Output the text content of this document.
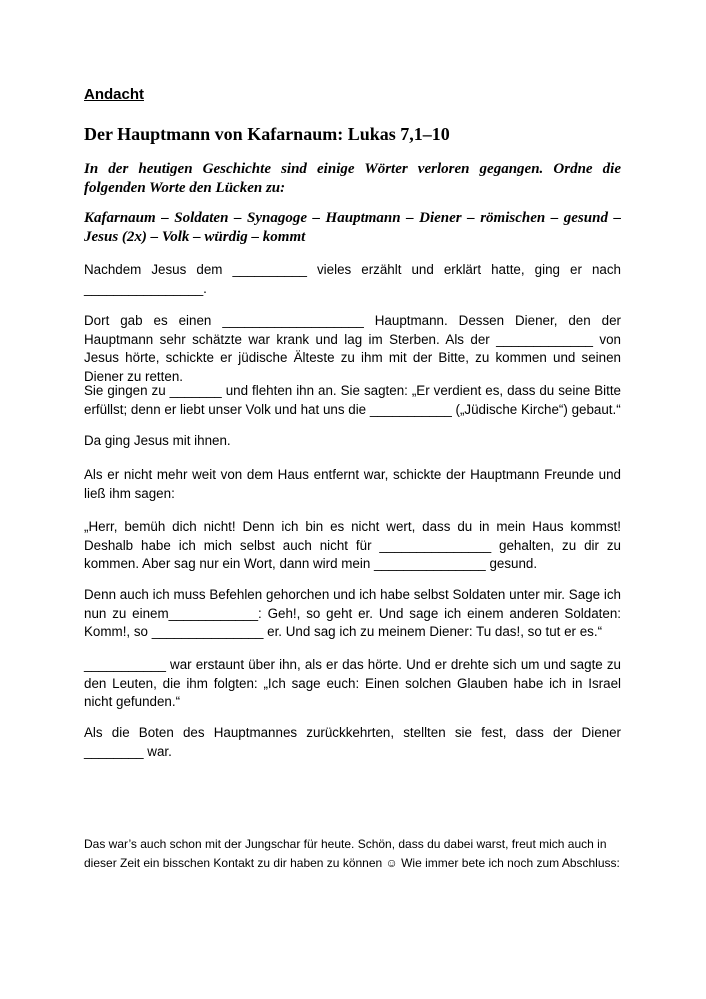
Andacht
Der Hauptmann von Kafarnaum: Lukas 7,1–10
In der heutigen Geschichte sind einige Wörter verloren gegangen. Ordne die folgenden Worte den Lücken zu:
Kafarnaum – Soldaten – Synagoge – Hauptmann – Diener – römischen – gesund – Jesus (2x) – Volk – würdig – kommt
Nachdem Jesus dem __________ vieles erzählt und erklärt hatte, ging er nach ________________.
Dort gab es einen ___________________ Hauptmann. Dessen Diener, den der Hauptmann sehr schätzte war krank und lag im Sterben. Als der _____________ von Jesus hörte, schickte er jüdische Älteste zu ihm mit der Bitte, zu kommen und seinen Diener zu retten.
Sie gingen zu _______ und flehten ihn an. Sie sagten: „Er verdient es, dass du seine Bitte erfüllst; denn er liebt unser Volk und hat uns die ___________ („Jüdische Kirche“) gebaut.“
Da ging Jesus mit ihnen.
Als er nicht mehr weit von dem Haus entfernt war, schickte der Hauptmann Freunde und ließ ihm sagen:
„Herr, bemüh dich nicht! Denn ich bin es nicht wert, dass du in mein Haus kommst! Deshalb habe ich mich selbst auch nicht für _______________ gehalten, zu dir zu kommen. Aber sag nur ein Wort, dann wird mein _______________ gesund.
Denn auch ich muss Befehlen gehorchen und ich habe selbst Soldaten unter mir. Sage ich nun zu einem____________: Geh!, so geht er. Und sage ich einem anderen Soldaten: Komm!, so _______________ er. Und sag ich zu meinem Diener: Tu das!, so tut er es.“
___________ war erstaunt über ihn, als er das hörte. Und er drehte sich um und sagte zu den Leuten, die ihm folgten: „Ich sage euch: Einen solchen Glauben habe ich in Israel nicht gefunden.“
Als die Boten des Hauptmannes zurückkehrten, stellten sie fest, dass der Diener ________ war.
Das war’s auch schon mit der Jungschar für heute. Schön, dass du dabei warst, freut mich auch in dieser Zeit ein bisschen Kontakt zu dir haben zu können ☺ Wie immer bete ich noch zum Abschluss:
